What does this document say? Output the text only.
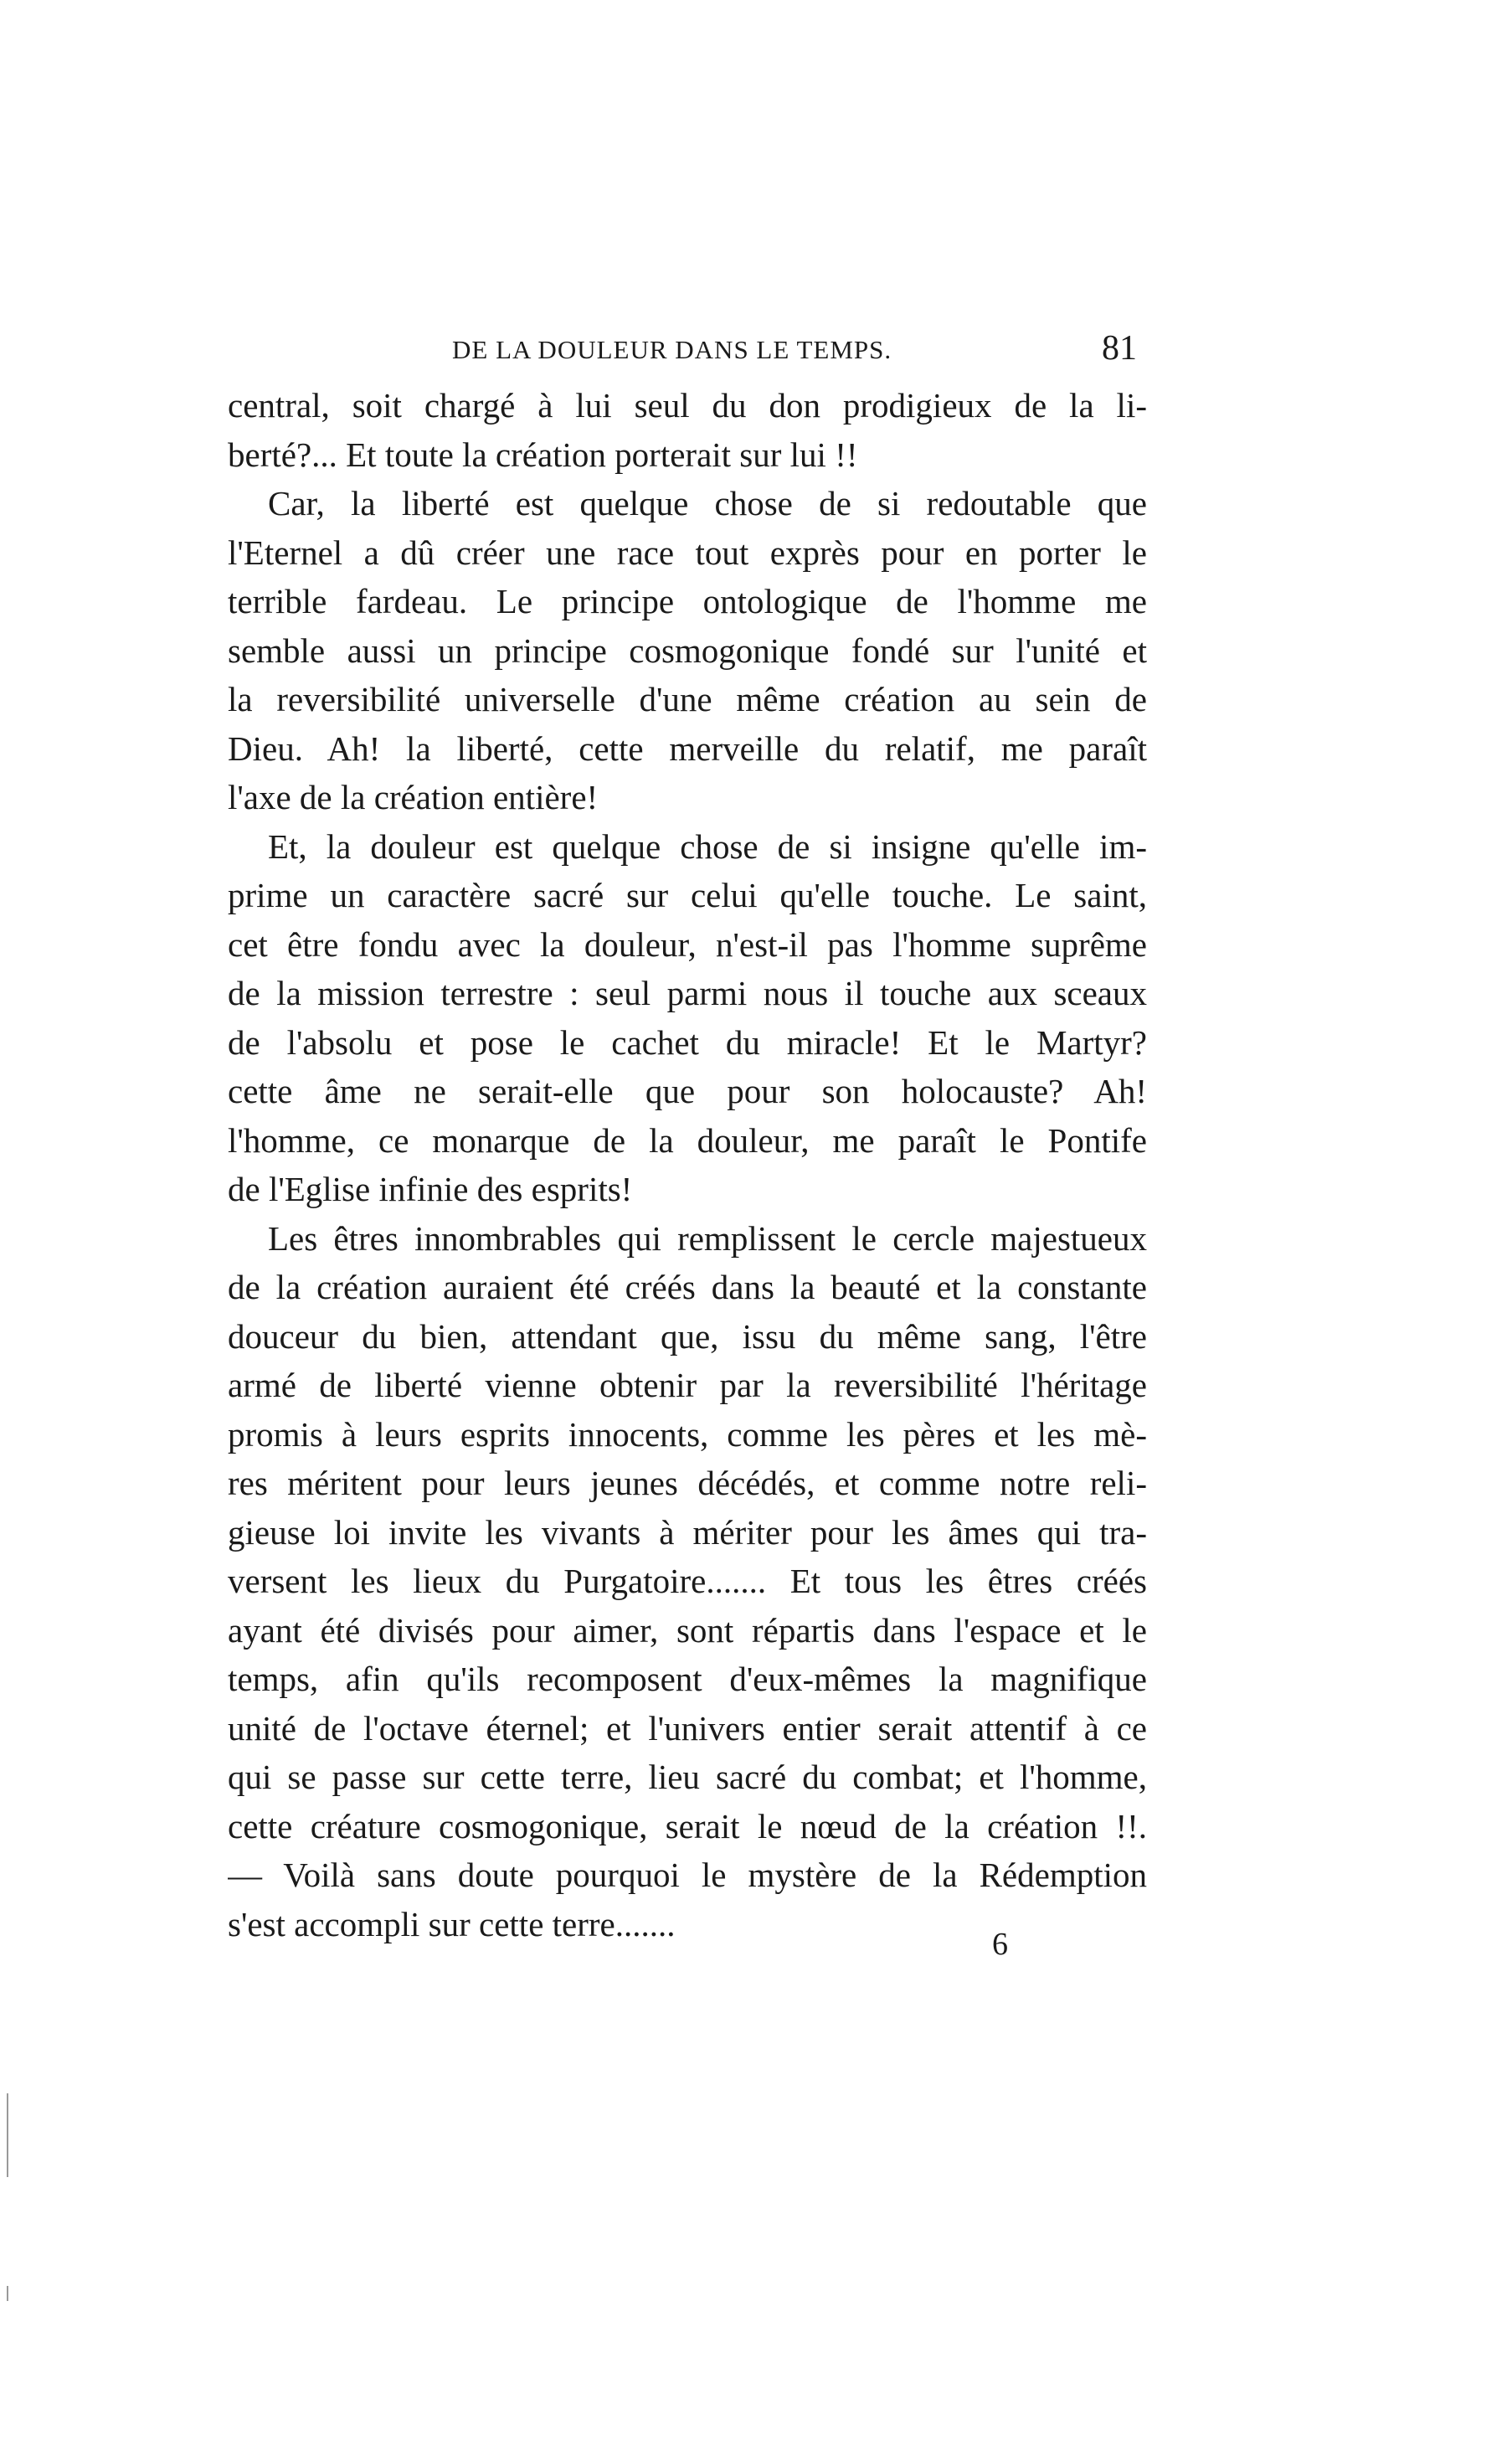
DE LA DOULEUR DANS LE TEMPS.	81
central, soit chargé à lui seul du don prodigieux de la li-
berté?... Et toute la création porterait sur lui !!
Car, la liberté est quelque chose de si redoutable que
l'Eternel a dû créer une race tout exprès pour en porter le
terrible fardeau. Le principe ontologique de l'homme me
semble aussi un principe cosmogonique fondé sur l'unité et
la reversibilité universelle d'une même création au sein de
Dieu. Ah! la liberté, cette merveille du relatif, me paraît
l'axe de la création entière!
Et, la douleur est quelque chose de si insigne qu'elle im-
prime un caractère sacré sur celui qu'elle touche. Le saint,
cet être fondu avec la douleur, n'est-il pas l'homme suprême
de la mission terrestre : seul parmi nous il touche aux sceaux
de l'absolu et pose le cachet du miracle! Et le Martyr?
cette âme ne serait-elle que pour son holocauste? Ah!
l'homme, ce monarque de la douleur, me paraît le Pontife
de l'Eglise infinie des esprits!
Les êtres innombrables qui remplissent le cercle majestueux
de la création auraient été créés dans la beauté et la constante
douceur du bien, attendant que, issu du même sang, l'être
armé de liberté vienne obtenir par la reversibilité l'héritage
promis à leurs esprits innocents, comme les pères et les mè-
res méritent pour leurs jeunes décédés, et comme notre reli-
gieuse loi invite les vivants à mériter pour les âmes qui tra-
versent les lieux du Purgatoire....... Et tous les êtres créés
ayant été divisés pour aimer, sont répartis dans l'espace et le
temps, afin qu'ils recomposent d'eux-mêmes la magnifique
unité de l'octave éternel; et l'univers entier serait attentif à ce
qui se passe sur cette terre, lieu sacré du combat; et l'homme,
cette créature cosmogonique, serait le nœud de la création !!.
— Voilà sans doute pourquoi le mystère de la Rédemption
s'est accompli sur cette terre.......
6
